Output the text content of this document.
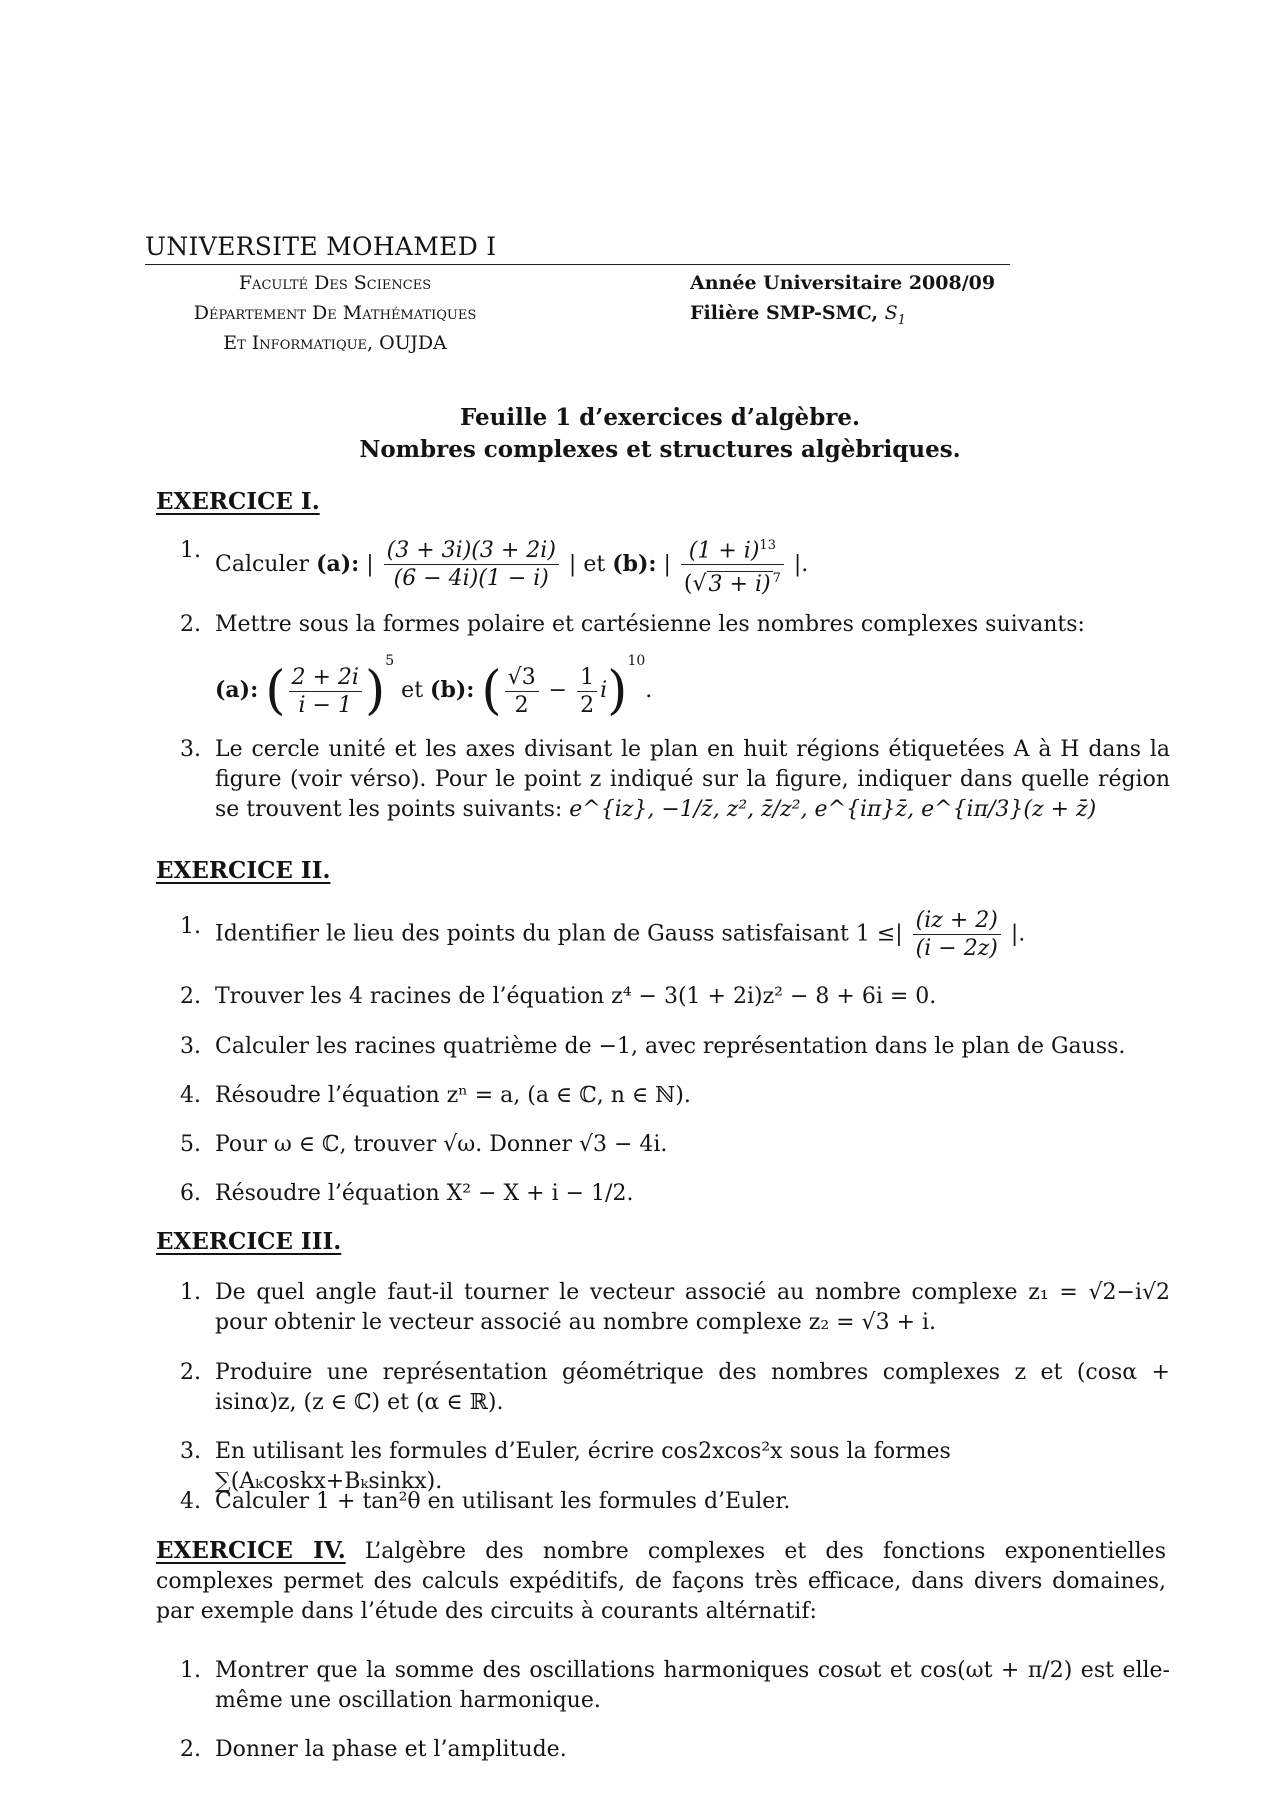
UNIVERSITE MOHAMED I
Faculté Des Sciences
Département De Mathématiques
Et Informatique, OUJDA
Année Universitaire 2008/09
Filière SMP-SMC, $S_1$
Feuille 1 d’exercices d’algèbre.
Nombres complexes et structures algèbriques.
EXERCICE I.
1.
Calculer (a): | $\frac{(3 + 3i)(3 + 2i)}{(6 - 4i)(1 - i)}$ | et (b): | $\frac{(1 + i)^{13}}{(√3 + i) ^7}$ |.
2. Mettre sous la formes polaire et cartésienne les nombres complexes suivants:
(a): ( $\frac{2 + 2i}{i - 1} )^5$ et (b): ( $\frac{√3}{2} - \frac{1}{2} i)^{10}$.
3. Le cercle unité et les axes divisant le plan en huit régions étiquetées A à H dans la figure (voir vérso). Pour le point z indiqué sur la figure, indiquer dans quelle région se trouvent les points suivants: e^{iz}, −1/z̄, z², z̄/z², e^{iπ}z̄, e^{iπ/3}(z + z̄)
EXERCICE II.
1. Identifier le lieu des points du plan de Gauss satisfaisant 1 ≤| $\frac{(iz + 2)}{(i - 2z)}$ |.
2. Trouver les 4 racines de l’équation z⁴ − 3(1 + 2i)z² − 8 + 6i = 0.
3. Calculer les racines quatrième de −1, avec représentation dans le plan de Gauss.
4. Résoudre l’équation zⁿ = a, (a ∈ ℂ, n ∈ ℕ).
5. Pour ω ∈ ℂ, trouver √ω. Donner √3 − 4i.
6. Résoudre l’équation X² − X + i − 1/2.
EXERCICE III.
1. De quel angle faut-il tourner le vecteur associé au nombre complexe z₁ = √2−i√2 pour obtenir le vecteur associé au nombre complexe z₂ = √3 + i.
2. Produire une représentation géométrique des nombres complexes z et (cosα + isinα)z, (z ∈ ℂ) et (α ∈ ℝ).
3. En utilisant les formules d’Euler, écrire cos2xcos²x sous la formes ∑(Aₖcoskx+Bₖsinkx).
4. Calculer 1 + tan²θ en utilisant les formules d’Euler.
EXERCICE IV. L’algèbre des nombre complexes et des fonctions exponentielles complexes permet des calculs expéditifs, de façons très efficace, dans divers domaines, par exemple dans l’étude des circuits à courants altérnatif:
1. Montrer que la somme des oscillations harmoniques cosωt et cos(ωt + π/2) est elle-même une oscillation harmonique.
2. Donner la phase et l’amplitude.
